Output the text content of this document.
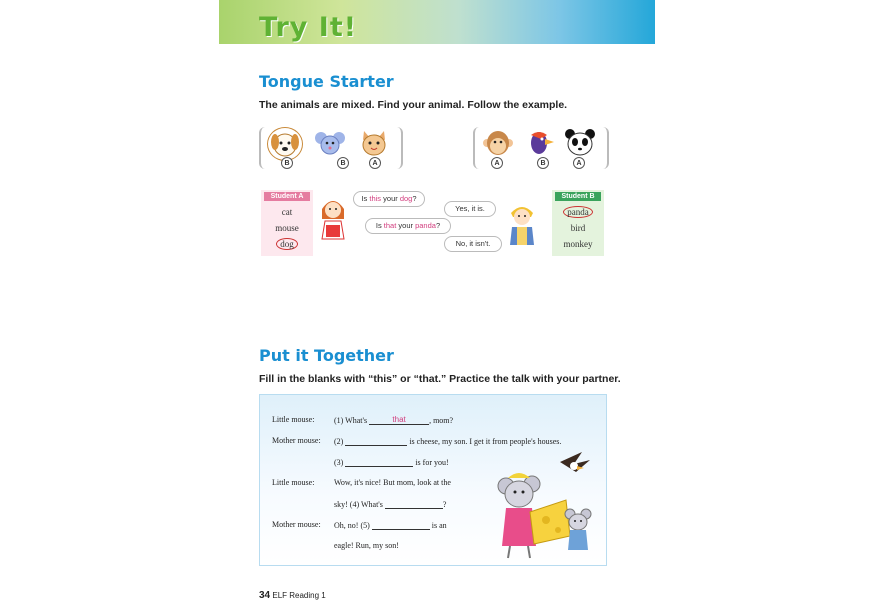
Try It!
Tongue Starter
The animals are mixed. Find your animal. Follow the example.
B	B	A	A	B	A
Student A
cat
mouse
dog
Is this your dog?
Is that your panda?
Yes, it is.
No, it isn't.
Student B
panda
bird
monkey
Put it Together
Fill in the blanks with “this” or “that.” Practice the talk with your partner.
Little mouse: (1) What's	that	, mom?
Mother mouse: (2)	is cheese, my son. I get it from people's houses.
(3)	is for you!
Little mouse: Wow, it's nice! But mom, look at the
sky! (4) What's	?
Mother mouse: Oh, no! (5)	is an
eagle! Run, my son!
34 ELF Reading 1
